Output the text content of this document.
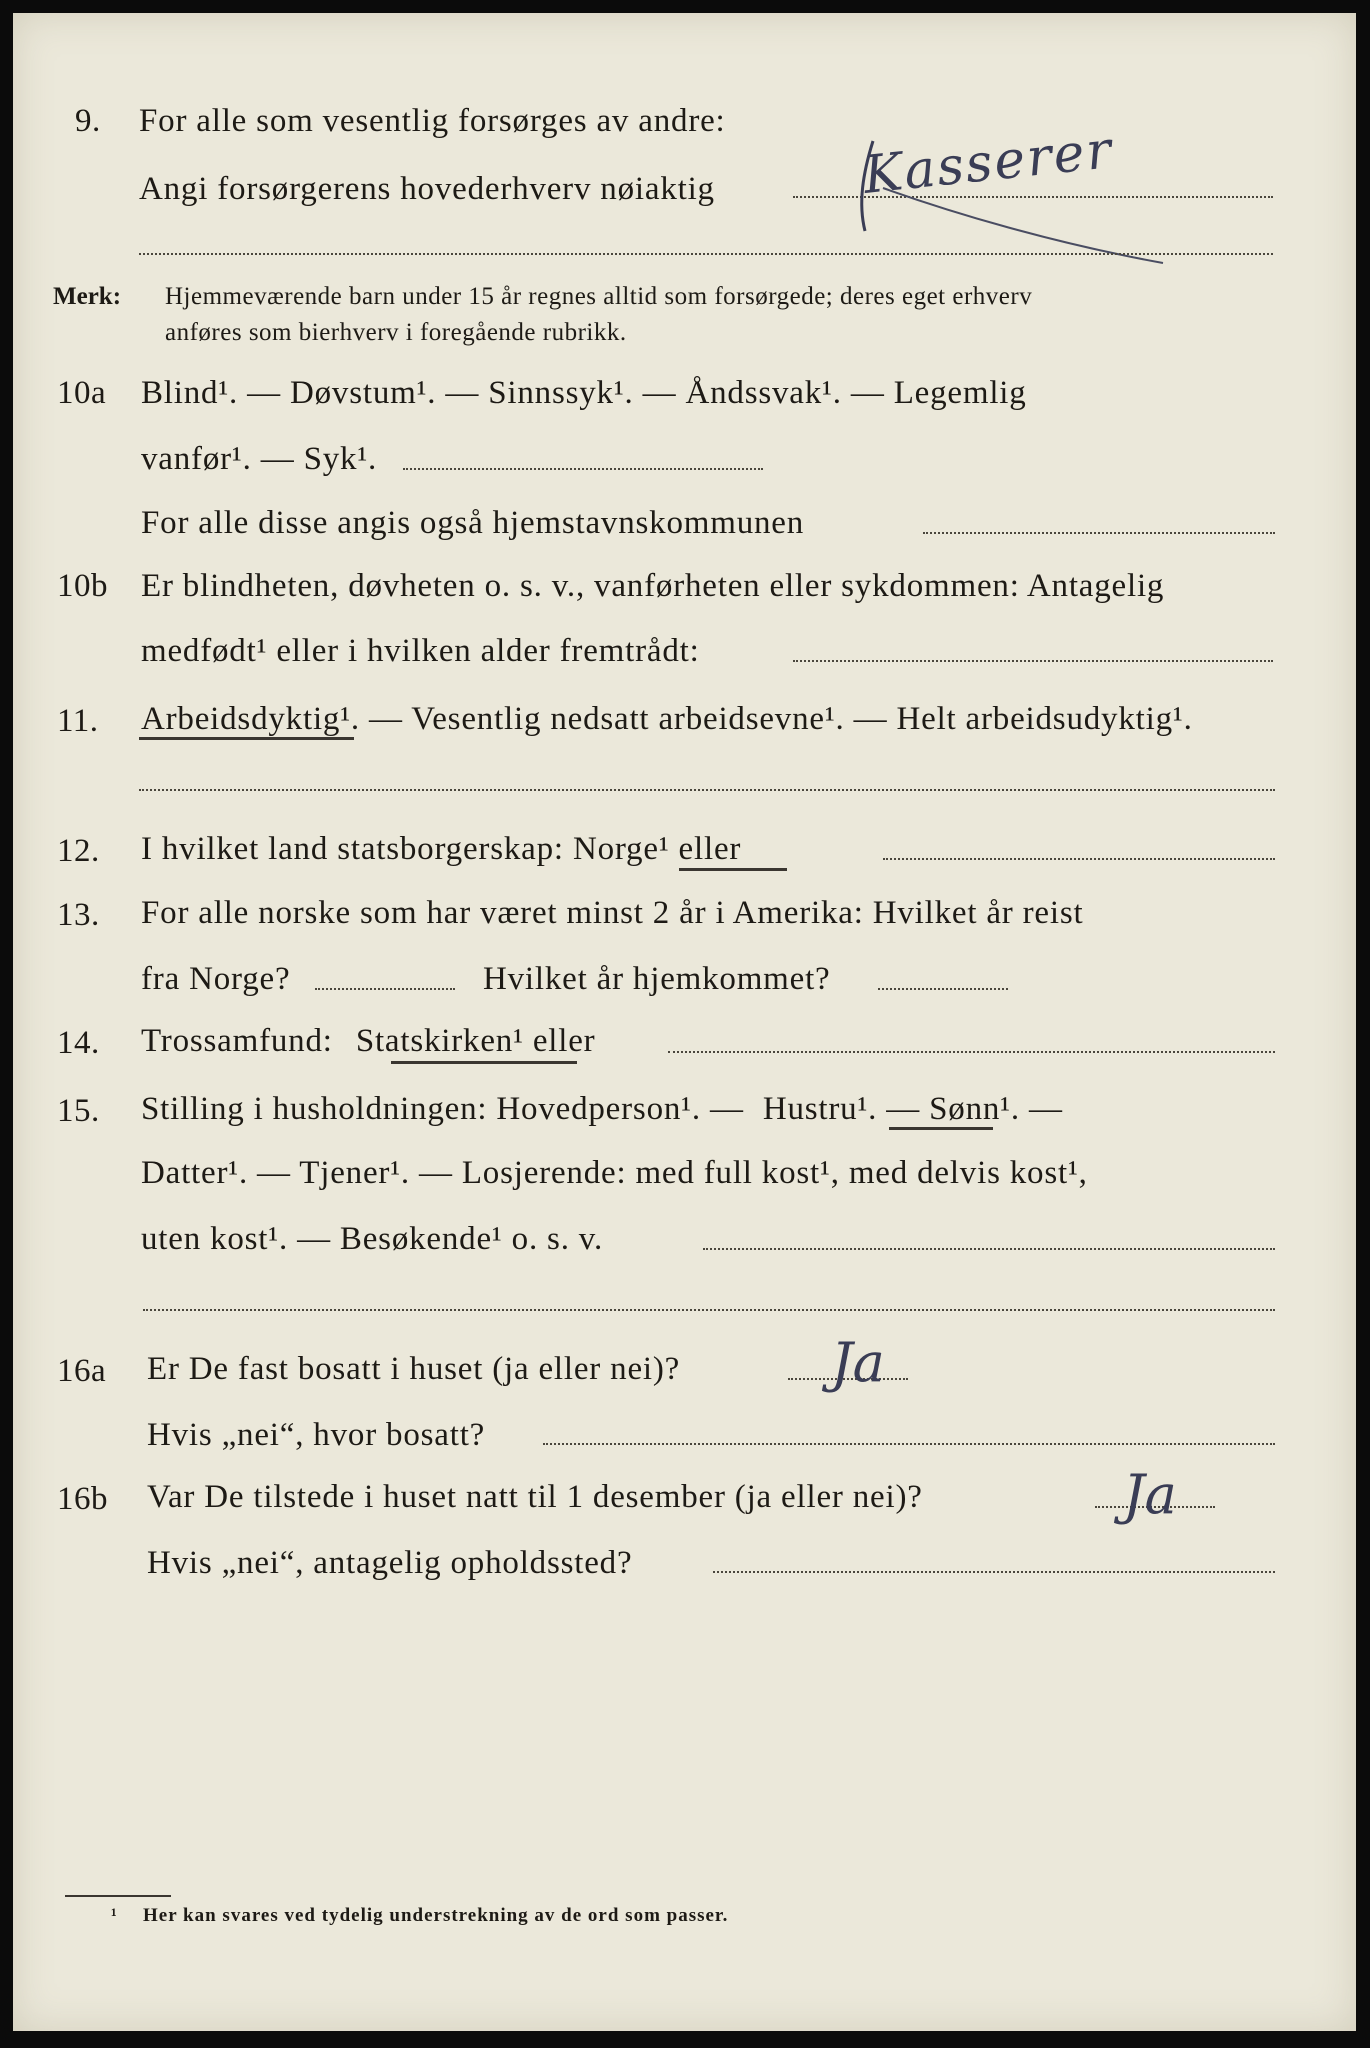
9. For alle som vesentlig forsørges av andre:
Angi forsørgerens hovederhverv nøiaktig	Kasserer
Merk: Hjemmeværende barn under 15 år regnes alltid som forsørgede; deres eget erhverv
anføres som bierhverv i foregående rubrikk.
10a Blind¹. — Døvstum¹. — Sinnssyk¹. — Åndssvak¹. — Legemlig
vanfør¹. — Syk¹.
For alle disse angis også hjemstavnskommunen
10b Er blindheten, døvheten o. s. v., vanførheten eller sykdommen: Antagelig
medfødt¹ eller i hvilken alder fremtrådt:
11. Arbeidsdyktig¹. — Vesentlig nedsatt arbeidsevne¹. — Helt arbeidsudyktig¹.
12. I hvilket land statsborgerskap: Norge¹ eller
13. For alle norske som har været minst 2 år i Amerika: Hvilket år reist
fra Norge?	Hvilket år hjemkommet?
14. Trossamfund: Statskirken¹ eller
15. Stilling i husholdningen: Hovedperson¹. — Hustru¹. — Sønn¹. —
Datter¹. — Tjener¹. — Losjerende: med full kost¹, med delvis kost¹,
uten kost¹. — Besøkende¹ o. s. v.
16a Er De fast bosatt i huset (ja eller nei)?	Ja
Hvis „nei“, hvor bosatt?
16b Var De tilstede i huset natt til 1 desember (ja eller nei)?	Ja
Hvis „nei“, antagelig opholdssted?
¹ Her kan svares ved tydelig understrekning av de ord som passer.
